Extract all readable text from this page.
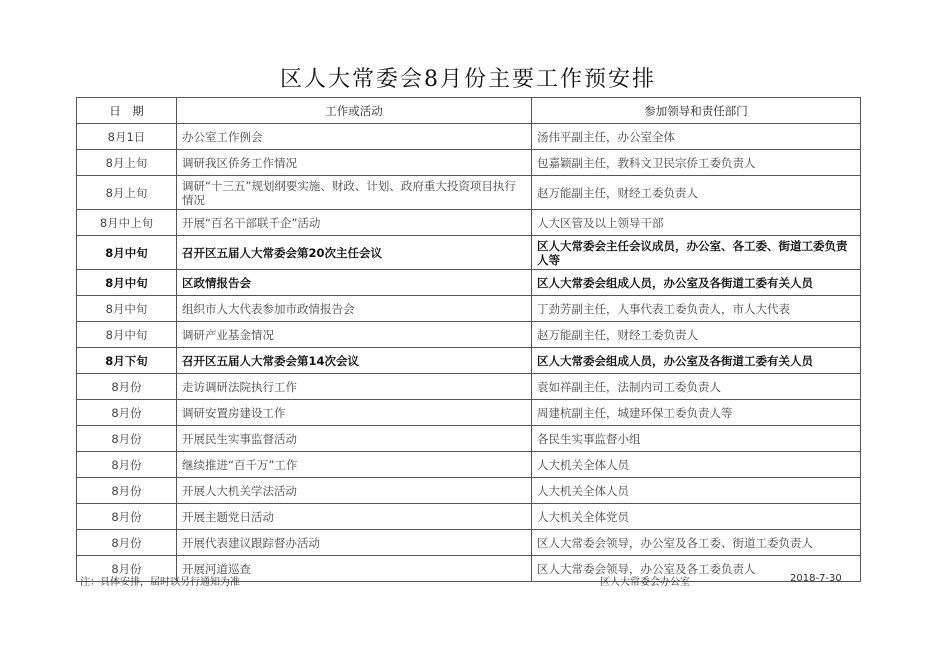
区人大常委会8月份主要工作预安排
日　期	工作或活动	参加领导和责任部门
8月1日	办公室工作例会	汤伟平副主任，办公室全体
8月上旬	调研我区侨务工作情况	包嘉颖副主任，教科文卫民宗侨工委负责人
8月上旬	调研“十三五”规划纲要实施、财政、计划、政府重大投资项目执行情况	赵万能副主任，财经工委负责人
8月中上旬	开展“百名干部联千企”活动	人大区管及以上领导干部
8月中旬	召开区五届人大常委会第20次主任会议	区人大常委会主任会议成员，办公室、各工委、街道工委负责人等
8月中旬	区政情报告会	区人大常委会组成人员，办公室及各街道工委有关人员
8月中旬	组织市人大代表参加市政情报告会	丁劲芳副主任，人事代表工委负责人，市人大代表
8月中旬	调研产业基金情况	赵万能副主任，财经工委负责人
8月下旬	召开区五届人大常委会第14次会议	区人大常委会组成人员，办公室及各街道工委有关人员
8月份	走访调研法院执行工作	袁如祥副主任，法制内司工委负责人
8月份	调研安置房建设工作	周建杭副主任，城建环保工委负责人等
8月份	开展民生实事监督活动	各民生实事监督小组
8月份	继续推进“百千万”工作	人大机关全体人员
8月份	开展人大机关学法活动	人大机关全体人员
8月份	开展主题党日活动	人大机关全体党员
8月份	开展代表建议跟踪督办活动	区人大常委会领导，办公室及各工委、街道工委负责人
8月份	开展河道巡查	区人大常委会领导，办公室及各工委负责人
注：具体安排，届时以另行通知为准	区人大常委会办公室	2018-7-30
